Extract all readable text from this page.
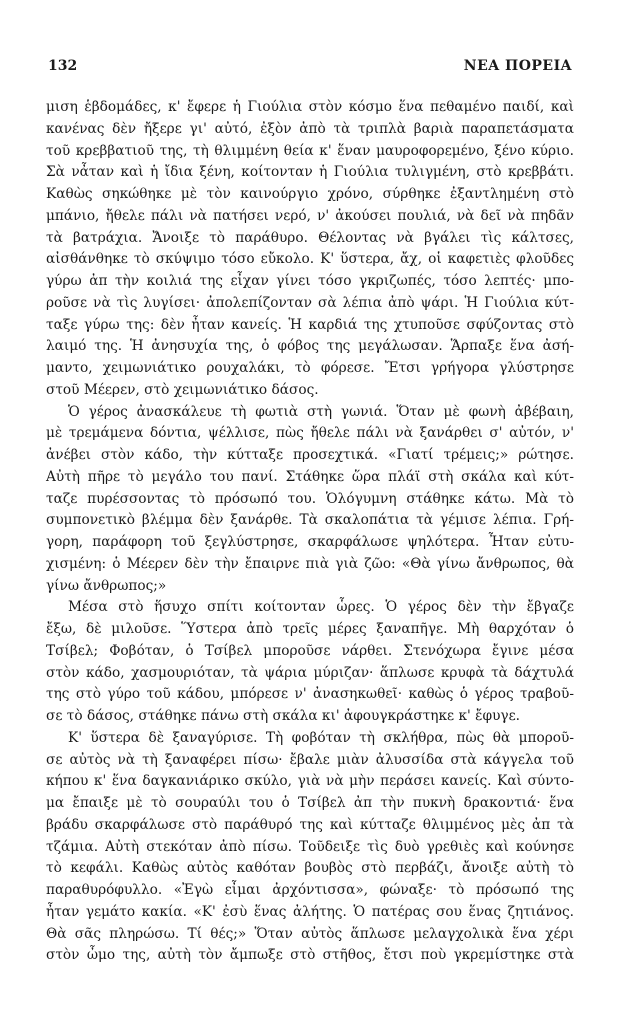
132	ΝΕΑ ΠΟΡΕΙΑ
μιση ἑβδομάδες, κ' ἔφερε ἡ Γιούλια στὸν κόσμο ἕνα πεθαμένο παιδί, καὶ
κανένας δὲν ἤξερε γι' αὐτό, ἐξὸν ἀπὸ τὰ τριπλὰ βαριὰ παραπετάσματα
τοῦ κρεββατιοῦ της, τὴ θλιμμένη θεία κ' ἕναν μαυροφορεμένο, ξένο κύριο.
Σὰ νἆταν καὶ ἡ ἴδια ξένη, κοίτονταν ἡ Γιούλια τυλιγμένη, στὸ κρεββάτι.
Καθὼς σηκώθηκε μὲ τὸν καινούργιο χρόνο, σύρθηκε ἐξαντλημένη στὸ
μπάνιο, ἤθελε πάλι νὰ πατήσει νερό, ν' ἀκούσει πουλιά, νὰ δεῖ νὰ πηδᾶν
τὰ βατράχια. Ἄνοιξε τὸ παράθυρο. Θέλοντας νὰ βγάλει τὶς κάλτσες,
αἰσθάνθηκε τὸ σκύψιμο τόσο εὔκολο. Κ' ὕστερα, ἄχ, οἱ καφετιὲς φλοῦδες
γύρω ἀπ τὴν κοιλιά της εἶχαν γίνει τόσο γκριζωπές, τόσο λεπτές· μπο-
ροῦσε νὰ τὶς λυγίσει· ἀπολεπίζονταν σὰ λέπια ἀπὸ ψάρι. Ἡ Γιούλια κύτ-
ταξε γύρω της: δὲν ἦταν κανείς. Ἡ καρδιά της χτυποῦσε σφύζοντας στὸ
λαιμό της. Ἡ ἀνησυχία της, ὁ φόβος της μεγάλωσαν. Ἅρπαξε ἕνα ἀσή-
μαντο, χειμωνιάτικο ρουχαλάκι, τὸ φόρεσε. Ἔτσι γρήγορα γλύστρησε
στοῦ Μέερεν, στὸ χειμωνιάτικο δάσος.
Ὁ γέρος ἀνασκάλευε τὴ φωτιὰ στὴ γωνιά. Ὅταν μὲ φωνὴ ἀβέβαιη,
μὲ τρεμάμενα δόντια, ψέλλισε, πὼς ἤθελε πάλι νὰ ξανάρθει σ' αὐτόν, ν'
ἀνέβει στὸν κάδο, τὴν κύτταξε προσεχτικά. «Γιατί τρέμεις;» ρώτησε.
Αὐτὴ πῆρε τὸ μεγάλο του πανί. Στάθηκε ὥρα πλάϊ στὴ σκάλα καὶ κύτ-
ταζε πυρέσσοντας τὸ πρόσωπό του. Ὁλόγυμνη στάθηκε κάτω. Μὰ τὸ
συμπονετικὸ βλέμμα δὲν ξανάρθε. Τὰ σκαλοπάτια τὰ γέμισε λέπια. Γρή-
γορη, παράφορη τοῦ ξεγλύστρησε, σκαρφάλωσε ψηλότερα. Ἦταν εὐτυ-
χισμένη: ὁ Μέερεν δὲν τὴν ἔπαιρνε πιὰ γιὰ ζῶο: «Θὰ γίνω ἄνθρωπος, θὰ
γίνω ἄνθρωπος;»
Μέσα στὸ ἥσυχο σπίτι κοίτονταν ὧρες. Ὁ γέρος δὲν τὴν ἔβγαζε
ἔξω, δὲ μιλοῦσε. Ὕστερα ἀπὸ τρεῖς μέρες ξαναπῆγε. Μὴ θαρχόταν ὁ
Τσίβελ; Φοβόταν, ὁ Τσίβελ μποροῦσε νάρθει. Στενόχωρα ἔγινε μέσα
στὸν κάδο, χασμουριόταν, τὰ ψάρια μύριζαν· ἅπλωσε κρυφὰ τὰ δάχτυλά
της στὸ γύρο τοῦ κάδου, μπόρεσε ν' ἀνασηκωθεῖ· καθὼς ὁ γέρος τραβοῦ-
σε τὸ δάσος, στάθηκε πάνω στὴ σκάλα κι' ἀφουγκράστηκε κ' ἔφυγε.
Κ' ὕστερα δὲ ξαναγύρισε. Τὴ φοβόταν τὴ σκλήθρα, πὼς θὰ μποροῦ-
σε αὐτὸς νὰ τὴ ξαναφέρει πίσω· ἔβαλε μιὰν ἀλυσσίδα στὰ κάγγελα τοῦ
κήπου κ' ἕνα δαγκανιάρικο σκύλο, γιὰ νὰ μὴν περάσει κανείς. Καὶ σύντο-
μα ἔπαιξε μὲ τὸ σουραύλι του ὁ Τσίβελ ἀπ τὴν πυκνὴ δρακοντιά· ἕνα
βράδυ σκαρφάλωσε στὸ παράθυρό της καὶ κύτταζε θλιμμένος μὲς ἀπ τὰ
τζάμια. Αὐτὴ στεκόταν ἀπὸ πίσω. Τοῦδειξε τὶς δυὸ γρεθιὲς καὶ κούνησε
τὸ κεφάλι. Καθὼς αὐτὸς καθόταν βουβὸς στὸ περβάζι, ἄνοιξε αὐτὴ τὸ
παραθυρόφυλλο. «Ἐγὼ εἶμαι ἀρχόντισσα», φώναξε· τὸ πρόσωπό της
ἦταν γεμάτο κακία. «Κ' ἐσὺ ἕνας ἀλήτης. Ὁ πατέρας σου ἕνας ζητιάνος.
Θὰ σᾶς πληρώσω. Τί θές;» Ὅταν αὐτὸς ἅπλωσε μελαγχολικὰ ἕνα χέρι
στὸν ὦμο της, αὐτὴ τὸν ἄμπωξε στὸ στῆθος, ἔτσι ποὺ γκρεμίστηκε στὰ
